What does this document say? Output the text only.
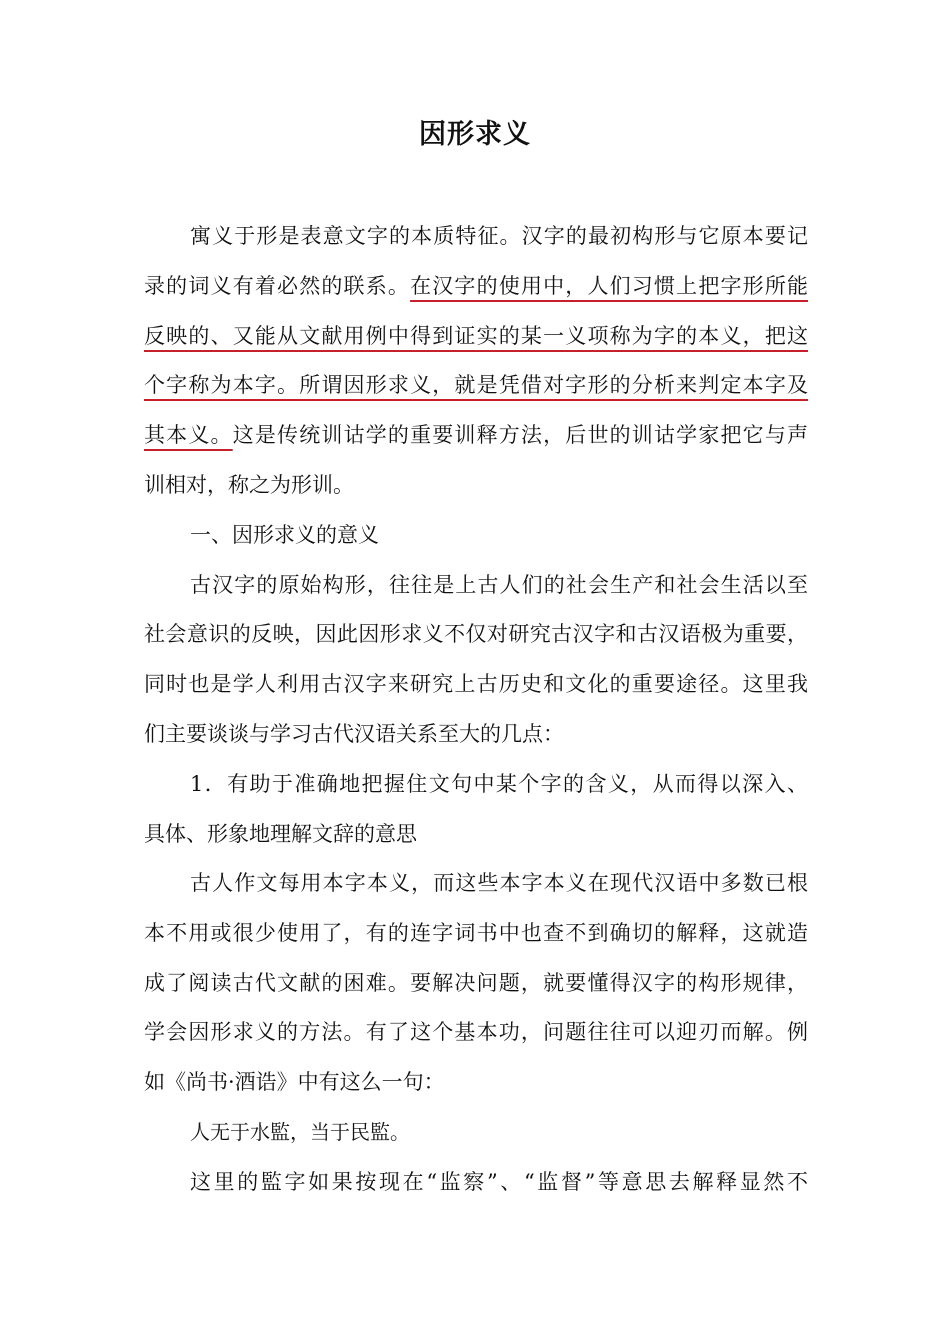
因形求义
寓义于形是表意文字的本质特征。汉字的最初构形与它原本要记
录的词义有着必然的联系。在汉字的使用中，人们习惯上把字形所能
反映的、又能从文献用例中得到证实的某一义项称为字的本义，把这
个字称为本字。所谓因形求义，就是凭借对字形的分析来判定本字及
其本义。这是传统训诂学的重要训释方法，后世的训诂学家把它与声
训相对，称之为形训。
一、因形求义的意义
古汉字的原始构形，往往是上古人们的社会生产和社会生活以至
社会意识的反映，因此因形求义不仅对研究古汉字和古汉语极为重要，
同时也是学人利用古汉字来研究上古历史和文化的重要途径。这里我
们主要谈谈与学习古代汉语关系至大的几点：
1．有助于准确地把握住文句中某个字的含义，从而得以深入、
具体、形象地理解文辞的意思
古人作文每用本字本义，而这些本字本义在现代汉语中多数已根
本不用或很少使用了，有的连字词书中也查不到确切的解释，这就造
成了阅读古代文献的困难。要解决问题，就要懂得汉字的构形规律，
学会因形求义的方法。有了这个基本功，问题往往可以迎刃而解。例
如《尚书·酒诰》中有这么一句：
人无于水監，当于民監。
这里的監字如果按现在“监察”、“监督”等意思去解释显然不
